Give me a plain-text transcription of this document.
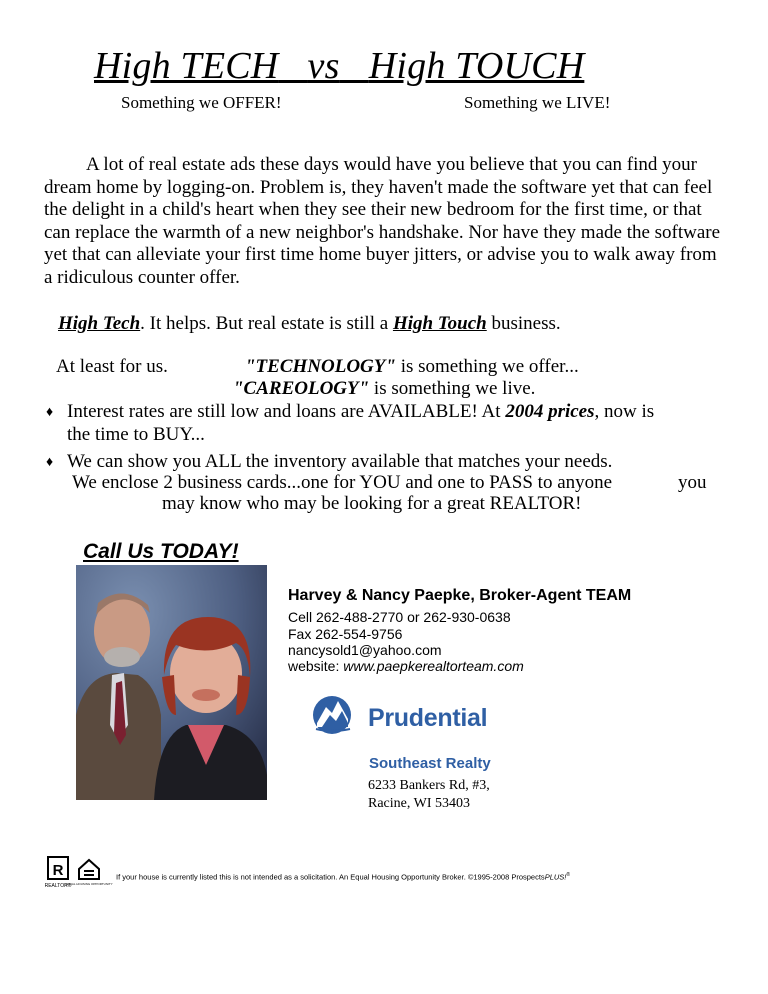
High TECH vs High TOUCH
Something we OFFER!	Something we LIVE!

A lot of real estate ads these days would have you believe that you can find your dream home by logging-on. Problem is, they haven't made the software yet that can feel the delight in a child's heart when they see their new bedroom for the first time, or that can replace the warmth of a new neighbor's handshake. Nor have they made the software yet that can alleviate your first time home buyer jitters, or advise you to walk away from a ridiculous counter offer.

High Tech. It helps. But real estate is still a High Touch business.
At least for us.	"TECHNOLOGY" is something we offer...
"CAREOLOGY" is something we live.
♦ Interest rates are still low and loans are AVAILABLE! At 2004 prices, now is
the time to BUY...
♦ We can show you ALL the inventory available that matches your needs.
We enclose 2 business cards...one for YOU and one to PASS to anyone	you
may know who may be looking for a great REALTOR!
Call Us TODAY!
Harvey & Nancy Paepke, Broker-Agent TEAM
Cell 262-488-2770 or 262-930-0638
Fax 262-554-9756
nancysold1@yahoo.com
website: www.paepkerealtorteam.com
Prudential
Southeast Realty
6233 Bankers Rd, #3,
Racine, WI 53403
R
REALTOR®
EQUAL HOUSING OPPORTUNITY
If your house is currently listed this is not intended as a solicitation. An Equal Housing Opportunity Broker. ©1995-2008 ProspectsPLUS!®
